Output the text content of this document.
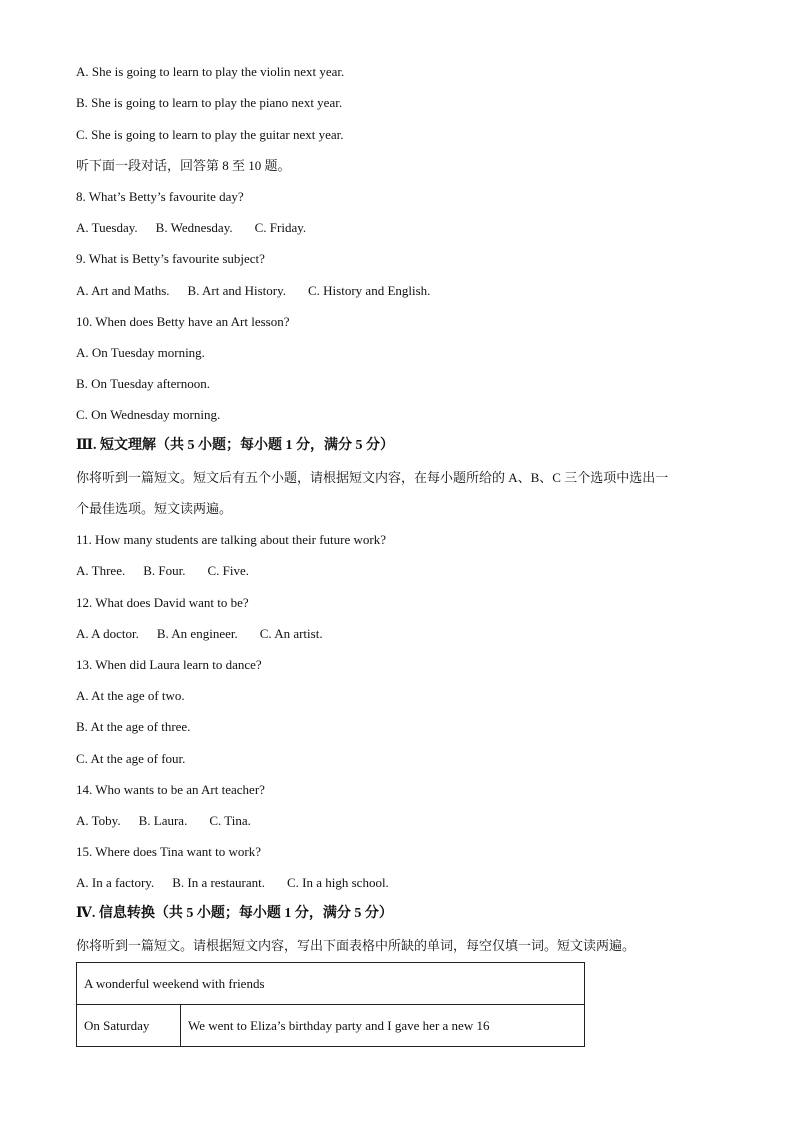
A. She is going to learn to play the violin next year.
B. She is going to learn to play the piano next year.
C. She is going to learn to play the guitar next year.
听下面一段对话，回答第 8 至 10 题。
8. What’s Betty’s favourite day?
A. Tuesday. B. Wednesday. C. Friday.
9. What is Betty’s favourite subject?
A. Art and Maths. B. Art and History. C. History and English.
10. When does Betty have an Art lesson?
A. On Tuesday morning.
B. On Tuesday afternoon.
C. On Wednesday morning.
Ⅲ. 短文理解（共 5 小题；每小题 1 分，满分 5 分）
你将听到一篇短文。短文后有五个小题，请根据短文内容，在每小题所给的 A、B、C 三个选项中选出一
个最佳选项。短文读两遍。
11. How many students are talking about their future work?
A. Three. B. Four. C. Five.
12. What does David want to be?
A. A doctor. B. An engineer. C. An artist.
13. When did Laura learn to dance?
A. At the age of two.
B. At the age of three.
C. At the age of four.
14. Who wants to be an Art teacher?
A. Toby. B. Laura. C. Tina.
15. Where does Tina want to work?
A. In a factory. B. In a restaurant. C. In a high school.
Ⅳ. 信息转换（共 5 小题；每小题 1 分，满分 5 分）
你将听到一篇短文。请根据短文内容，写出下面表格中所缺的单词，每空仅填一词。短文读两遍。
A wonderful weekend with friends
On Saturday	We went to Eliza’s birthday party and I gave her a new 16
